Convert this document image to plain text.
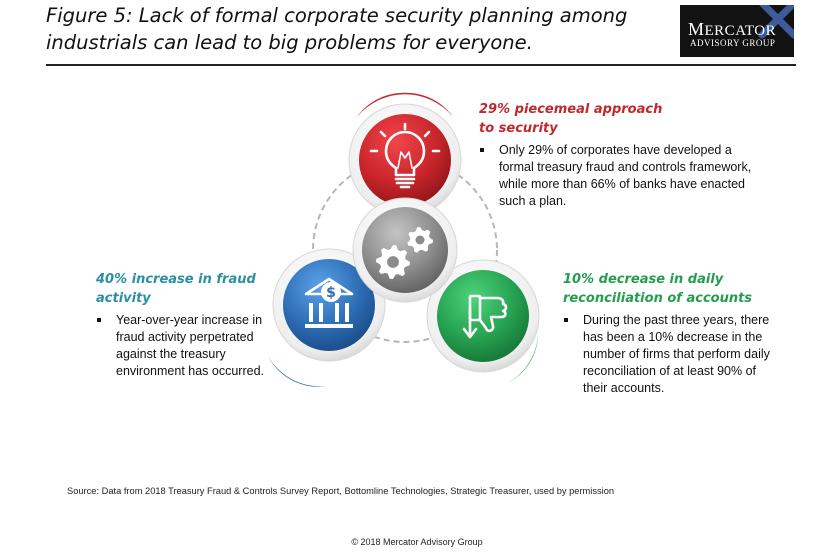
Figure 5: Lack of formal corporate security planning among
industrials can lead to big problems for everyone.
MERCATOR
ADVISORY GROUP
$
29% piecemeal approach
to security
Only 29% of corporates have developed a formal treasury fraud and controls framework, while more than 66% of banks have enacted such a plan.
40% increase in fraud
activity
Year-over-year increase in fraud activity perpetrated against the treasury environment has occurred.
10% decrease in daily
reconciliation of accounts
During the past three years, there has been a 10% decrease in the number of firms that perform daily reconciliation of at least 90% of their accounts.
Source: Data from 2018 Treasury Fraud & Controls Survey Report, Bottomline Technologies, Strategic Treasurer, used by permission
© 2018 Mercator Advisory Group
